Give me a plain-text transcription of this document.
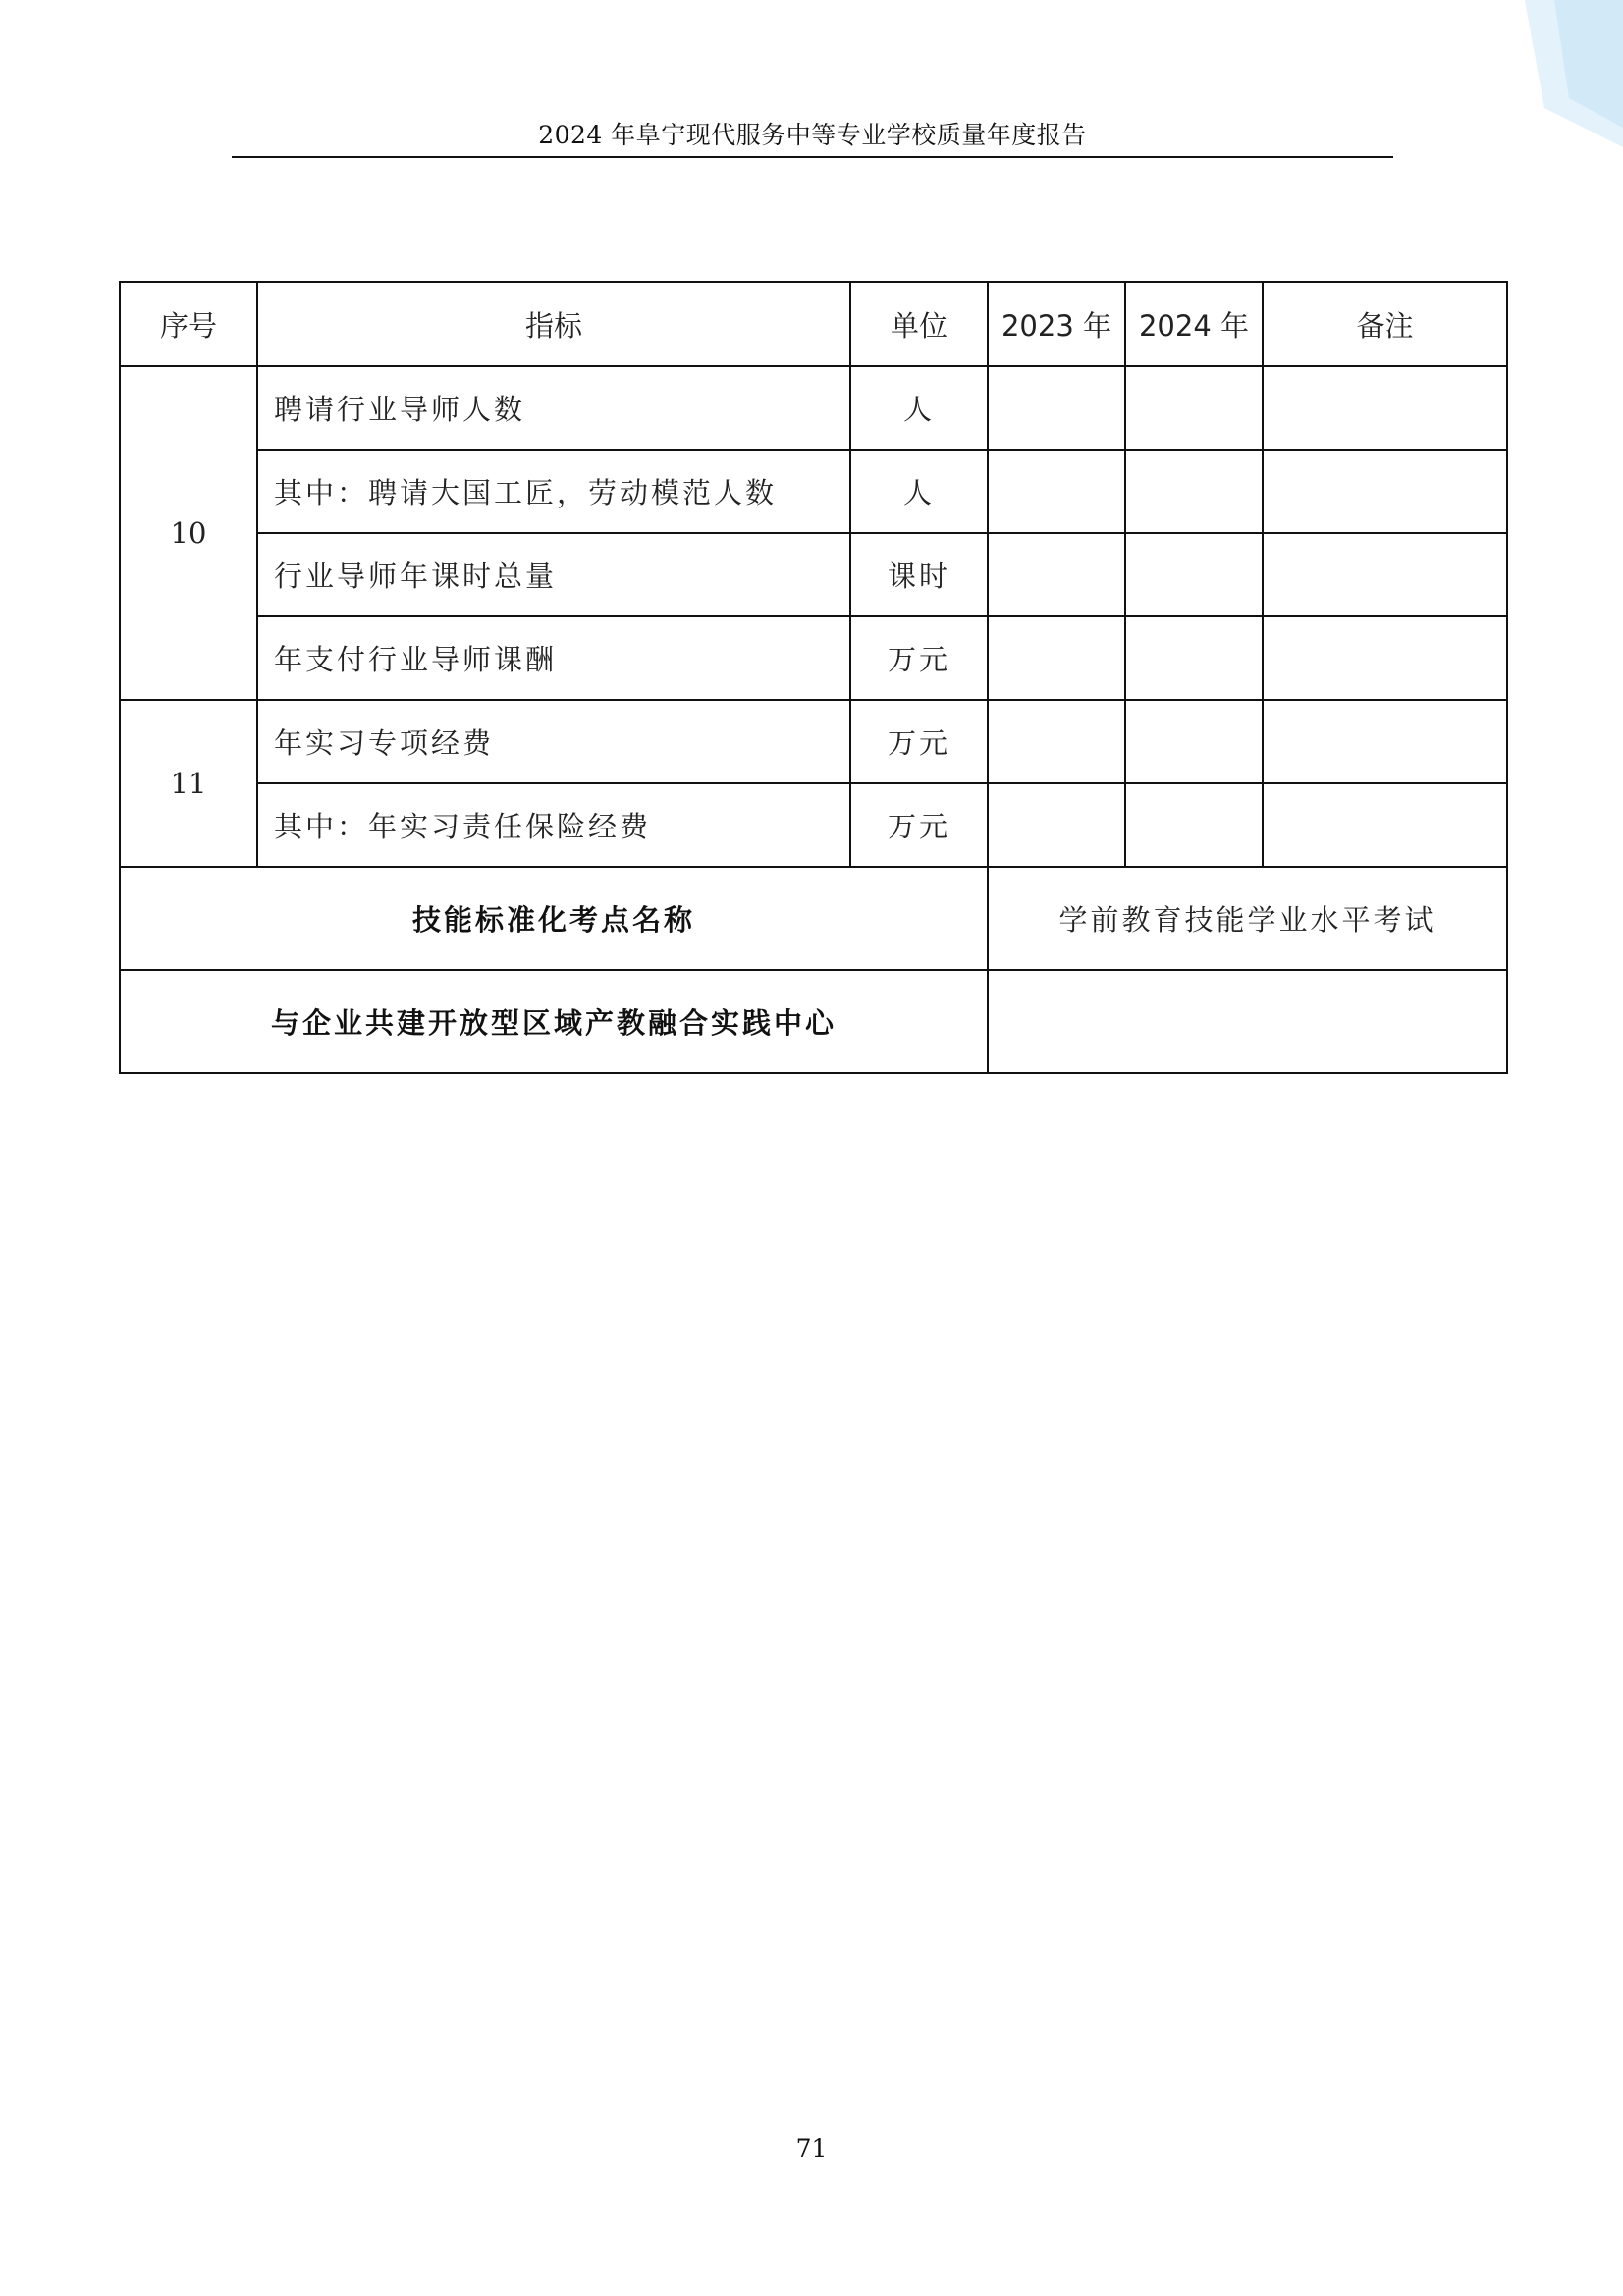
2024 年阜宁现代服务中等专业学校质量年度报告
序号	指标	单位	2023 年	2024 年	备注
10	聘请行业导师人数	人			
	其中：聘请大国工匠，劳动模范人数	人			
	行业导师年课时总量	课时			
	年支付行业导师课酬	万元			
11	年实习专项经费	万元			
	其中：年实习责任保险经费	万元			
技能标准化考点名称			学前教育技能学业水平考试		
与企业共建开放型区域产教融合实践中心					
71
